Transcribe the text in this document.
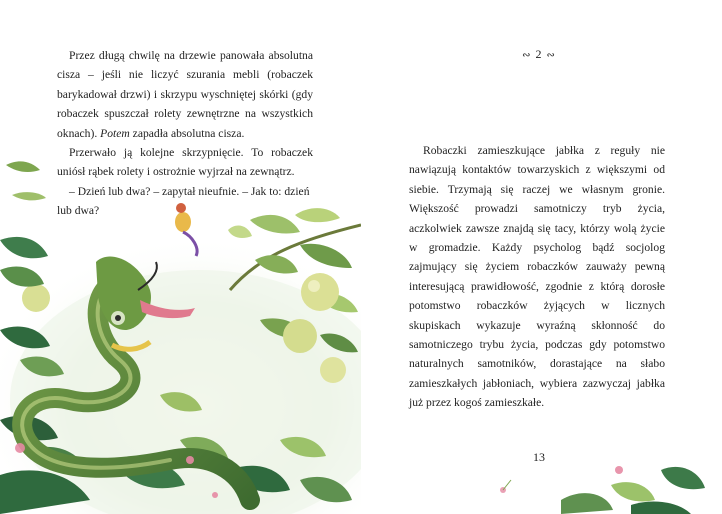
Przez długą chwilę na drzewie panowała absolutna cisza – jeśli nie liczyć szurania mebli (robaczek barykadował drzwi) i skrzypu wyschniętej skórki (gdy robaczek spuszczał rolety zewnętrzne na wszystkich oknach). Potem zapadła absolutna cisza.

Przerwało ją kolejne skrzypnięcie. To robaczek uniósł rąbek rolety i ostrożnie wyjrzał na zewnątrz.

– Dzień lub dwa? – zapytał nieufnie. – Jak to: dzień lub dwa?

∾ 2 ∾

Robaczki zamieszkujące jabłka z reguły nie nawiązują kontaktów towarzyskich z większymi od siebie. Trzymają się raczej we własnym gronie. Większość prowadzi samotniczy tryb życia, aczkolwiek zawsze znajdą się tacy, którzy wolą życie w gromadzie. Każdy psycholog bądź socjolog zajmujący się życiem robaczków zauważy pewną interesującą prawidłowość, zgodnie z którą dorosłe potomstwo robaczków żyjących w licznych skupiskach wykazuje wyraźną skłonność do samotniczego trybu życia, podczas gdy potomstwo naturalnych samotników, dorastające na słabo zamieszkałych jabłoniach, wybiera zazwyczaj jabłka już przez kogoś zamieszkałe.

13
